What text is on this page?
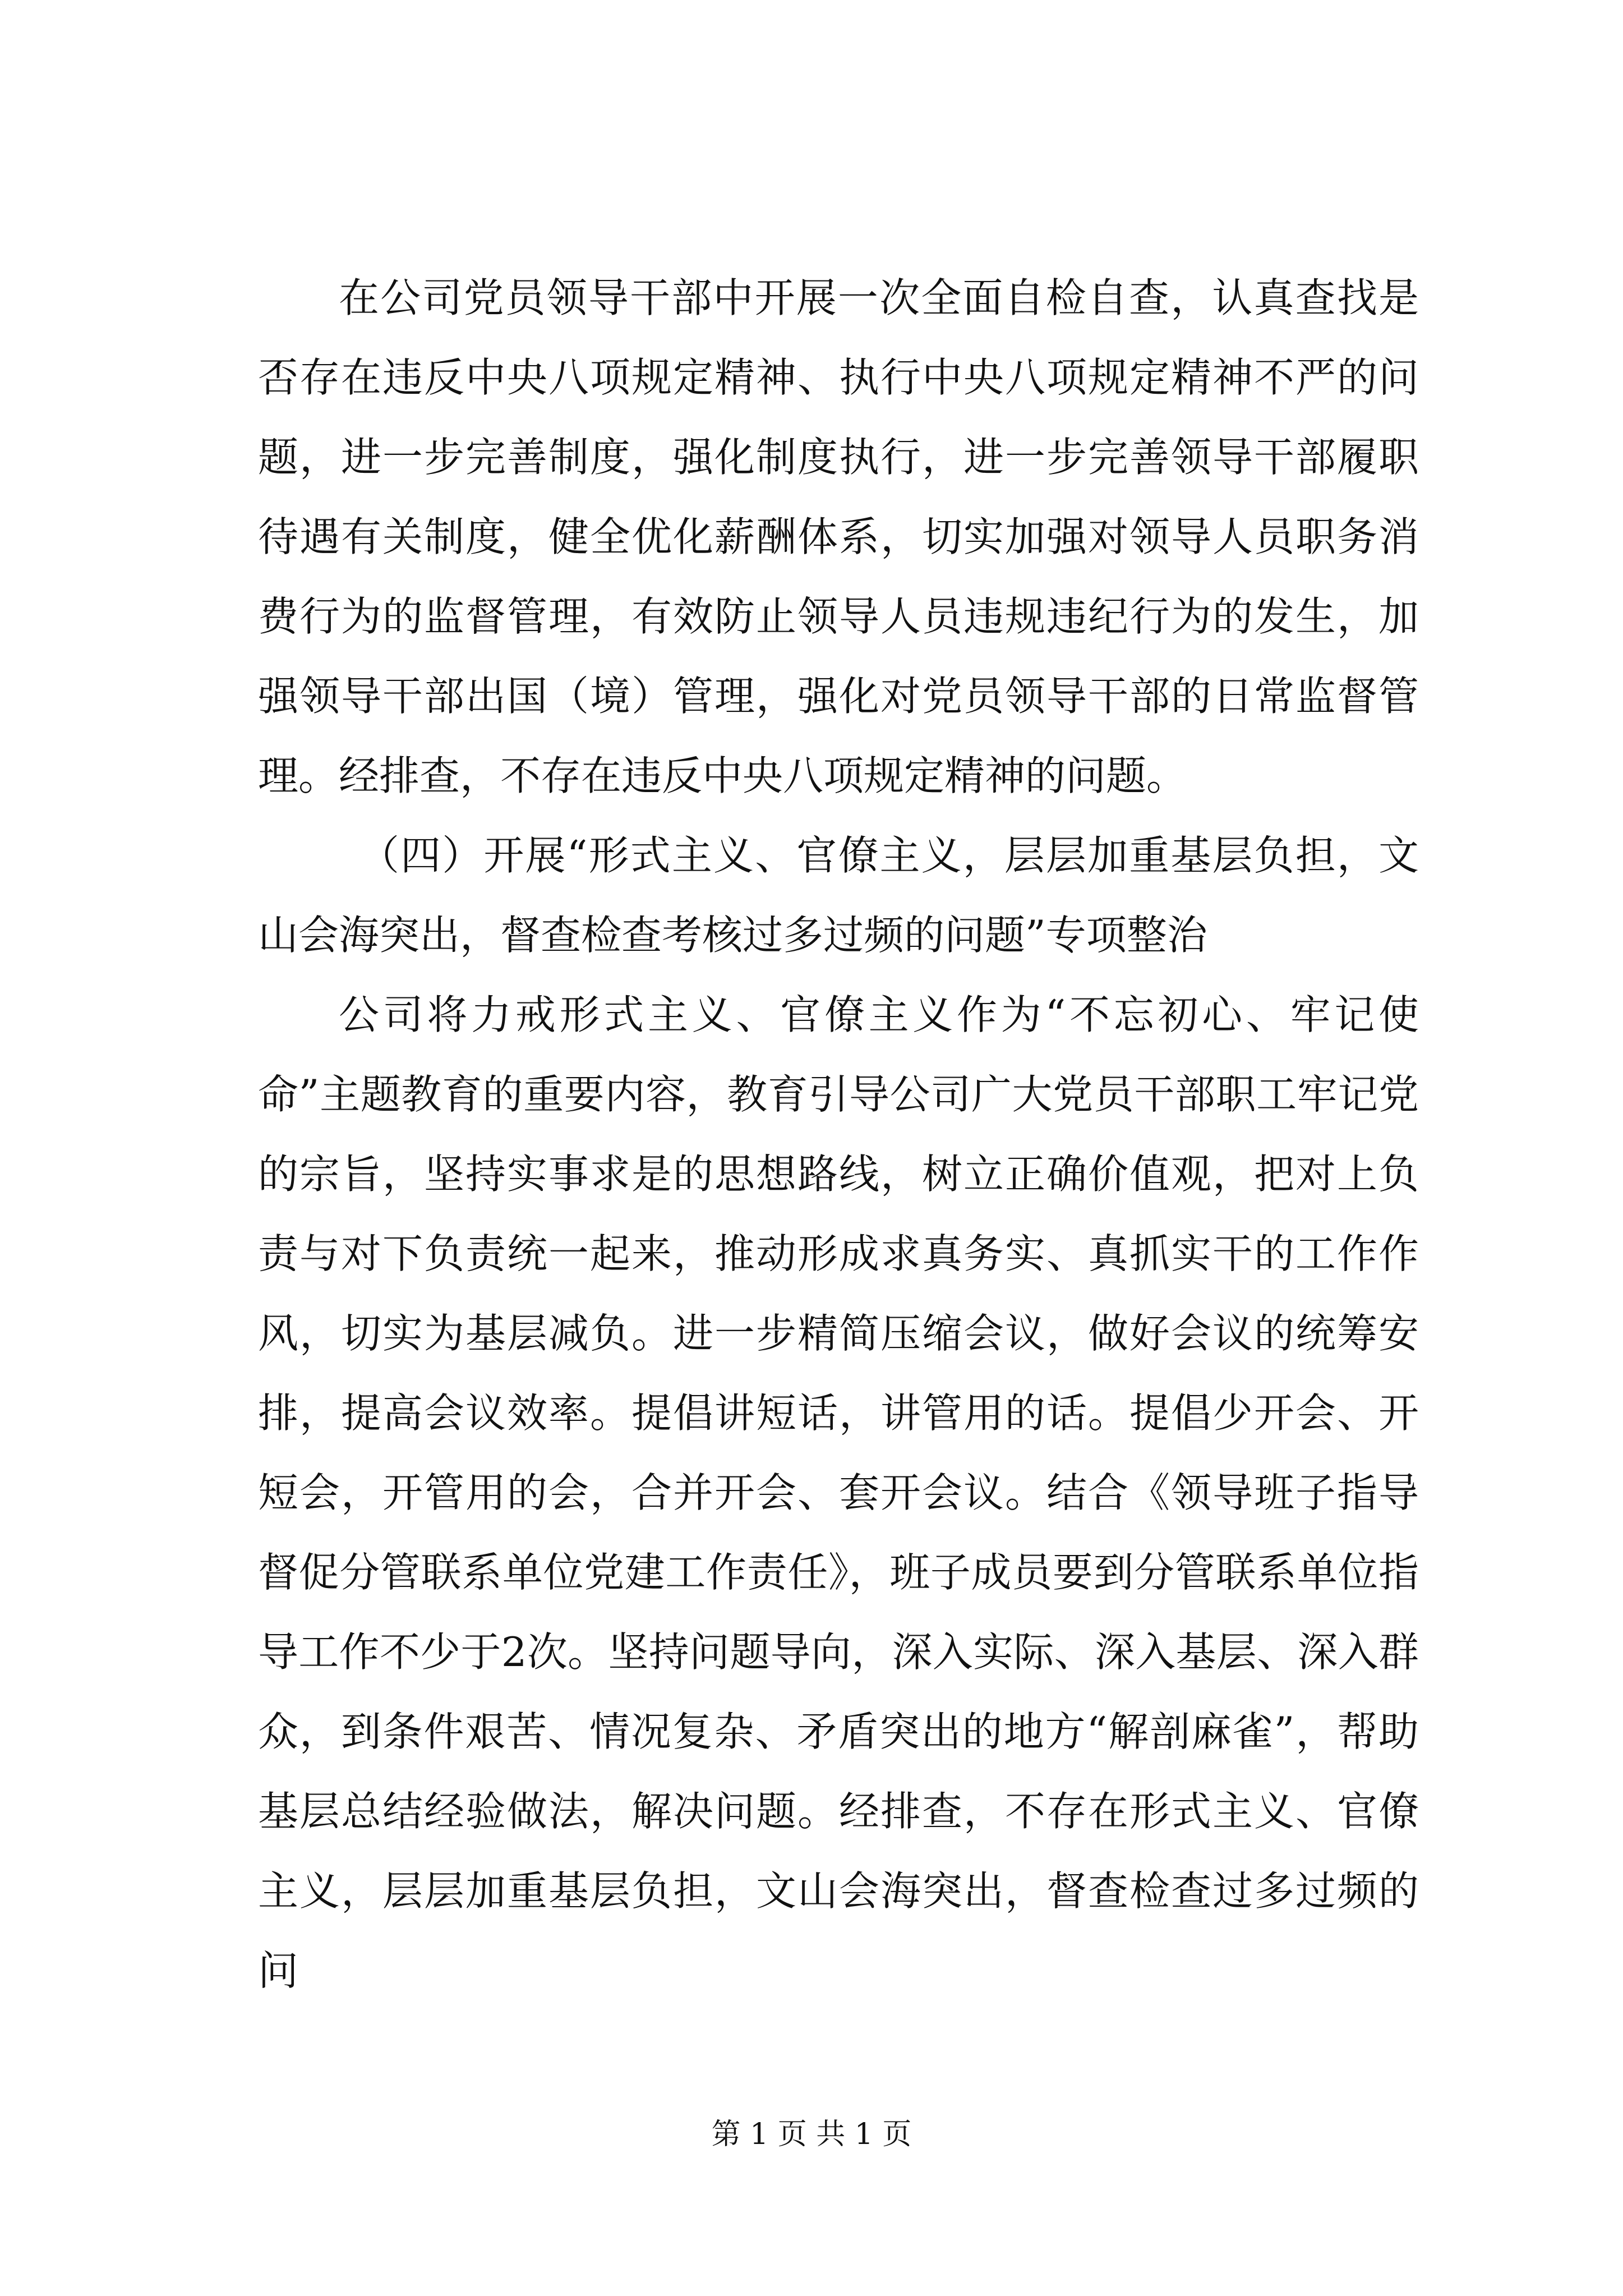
在公司党员领导干部中开展一次全面自检自查，认真查找是否存在违反中央八项规定精神、执行中央八项规定精神不严的问题，进一步完善制度，强化制度执行，进一步完善领导干部履职待遇有关制度，健全优化薪酬体系，切实加强对领导人员职务消费行为的监督管理，有效防止领导人员违规违纪行为的发生，加强领导干部出国（境）管理，强化对党员领导干部的日常监督管理。经排查，不存在违反中央八项规定精神的问题。

（四）开展“形式主义、官僚主义，层层加重基层负担，文山会海突出，督查检查考核过多过频的问题”专项整治

公司将力戒形式主义、官僚主义作为“不忘初心、牢记使命”主题教育的重要内容，教育引导公司广大党员干部职工牢记党的宗旨，坚持实事求是的思想路线，树立正确价值观，把对上负责与对下负责统一起来，推动形成求真务实、真抓实干的工作作风，切实为基层减负。进一步精简压缩会议，做好会议的统筹安排，提高会议效率。提倡讲短话，讲管用的话。提倡少开会、开短会，开管用的会，合并开会、套开会议。结合《领导班子指导督促分管联系单位党建工作责任》，班子成员要到分管联系单位指导工作不少于2次。坚持问题导向，深入实际、深入基层、深入群众，到条件艰苦、情况复杂、矛盾突出的地方“解剖麻雀”，帮助基层总结经验做法，解决问题。经排查，不存在形式主义、官僚主义，层层加重基层负担，文山会海突出，督查检查过多过频的问

第 1 页 共 1 页
